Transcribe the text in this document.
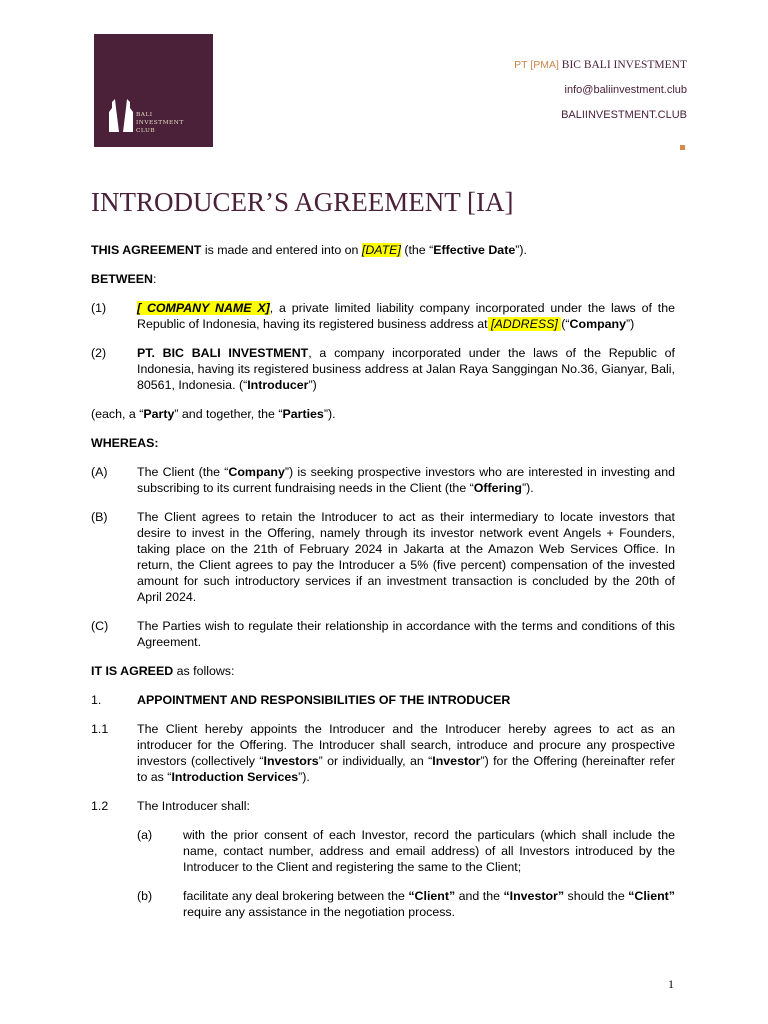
BALI
INVESTMENT
CLUB
PT [PMA] BIC BALI INVESTMENT
info@baliinvestment.club
BALIINVESTMENT.CLUB
INTRODUCER’S AGREEMENT [IA]

THIS AGREEMENT is made and entered into on [DATE] (the “Effective Date”).

BETWEEN:

(1)	[ COMPANY NAME X], a private limited liability company incorporated under the laws of the Republic of Indonesia, having its registered business address at [ADDRESS] (“Company”)
(2)	PT. BIC BALI INVESTMENT, a company incorporated under the laws of the Republic of Indonesia, having its registered business address at Jalan Raya Sanggingan No.36, Gianyar, Bali, 80561, Indonesia. (“Introducer”)

(each, a “Party” and together, the “Parties”).

WHEREAS:

(A)	The Client (the “Company”) is seeking prospective investors who are interested in investing and subscribing to its current fundraising needs in the Client (the “Offering”).
(B)	The Client agrees to retain the Introducer to act as their intermediary to locate investors that desire to invest in the Offering, namely through its investor network event Angels + Founders, taking place on the 21th of February 2024 in Jakarta at the Amazon Web Services Office. In return, the Client agrees to pay the Introducer a 5% (five percent) compensation of the invested amount for such introductory services if an investment transaction is concluded by the 20th of April 2024.
(C)	The Parties wish to regulate their relationship in accordance with the terms and conditions of this Agreement.

IT IS AGREED as follows:

1.	APPOINTMENT AND RESPONSIBILITIES OF THE INTRODUCER
1.1	The Client hereby appoints the Introducer and the Introducer hereby agrees to act as an introducer for the Offering. The Introducer shall search, introduce and procure any prospective investors (collectively “Investors” or individually, an “Investor”) for the Offering (hereinafter refer to as “Introduction Services”).
1.2	The Introducer shall:
(a)	with the prior consent of each Investor, record the particulars (which shall include the name, contact number, address and email address) of all Investors introduced by the Introducer to the Client and registering the same to the Client;
(b)	facilitate any deal brokering between the “Client” and the “Investor” should the “Client” require any assistance in the negotiation process.
1
